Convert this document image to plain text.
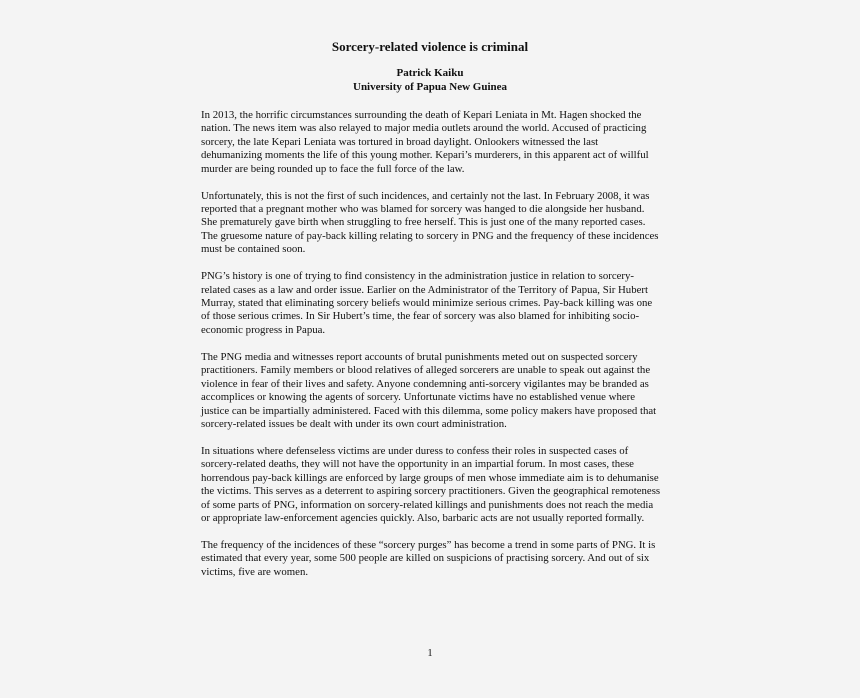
Sorcery-related violence is criminal
Patrick Kaiku
University of Papua New Guinea

In 2013, the horrific circumstances surrounding the death of Kepari Leniata in Mt. Hagen shocked the nation. The news item was also relayed to major media outlets around the world. Accused of practicing sorcery, the late Kepari Leniata was tortured in broad daylight. Onlookers witnessed the last dehumanizing moments the life of this young mother. Kepari’s murderers, in this apparent act of willful murder are being rounded up to face the full force of the law.

Unfortunately, this is not the first of such incidences, and certainly not the last. In February 2008, it was reported that a pregnant mother who was blamed for sorcery was hanged to die alongside her husband. She prematurely gave birth when struggling to free herself. This is just one of the many reported cases. The gruesome nature of pay-back killing relating to sorcery in PNG and the frequency of these incidences must be contained soon.

PNG’s history is one of trying to find consistency in the administration justice in relation to sorcery-related cases as a law and order issue. Earlier on the Administrator of the Territory of Papua, Sir Hubert Murray, stated that eliminating sorcery beliefs would minimize serious crimes. Pay-back killing was one of those serious crimes. In Sir Hubert’s time, the fear of sorcery was also blamed for inhibiting socio-economic progress in Papua.

The PNG media and witnesses report accounts of brutal punishments meted out on suspected sorcery practitioners. Family members or blood relatives of alleged sorcerers are unable to speak out against the violence in fear of their lives and safety. Anyone condemning anti-sorcery vigilantes may be branded as accomplices or knowing the agents of sorcery. Unfortunate victims have no established venue where justice can be impartially administered. Faced with this dilemma, some policy makers have proposed that sorcery-related issues be dealt with under its own court administration.

In situations where defenseless victims are under duress to confess their roles in suspected cases of sorcery-related deaths, they will not have the opportunity in an impartial forum. In most cases, these horrendous pay-back killings are enforced by large groups of men whose immediate aim is to dehumanise the victims. This serves as a deterrent to aspiring sorcery practitioners. Given the geographical remoteness of some parts of PNG, information on sorcery-related killings and punishments does not reach the media or appropriate law-enforcement agencies quickly. Also, barbaric acts are not usually reported formally.

The frequency of the incidences of these “sorcery purges” has become a trend in some parts of PNG. It is estimated that every year, some 500 people are killed on suspicions of practising sorcery. And out of six victims, five are women.

1
